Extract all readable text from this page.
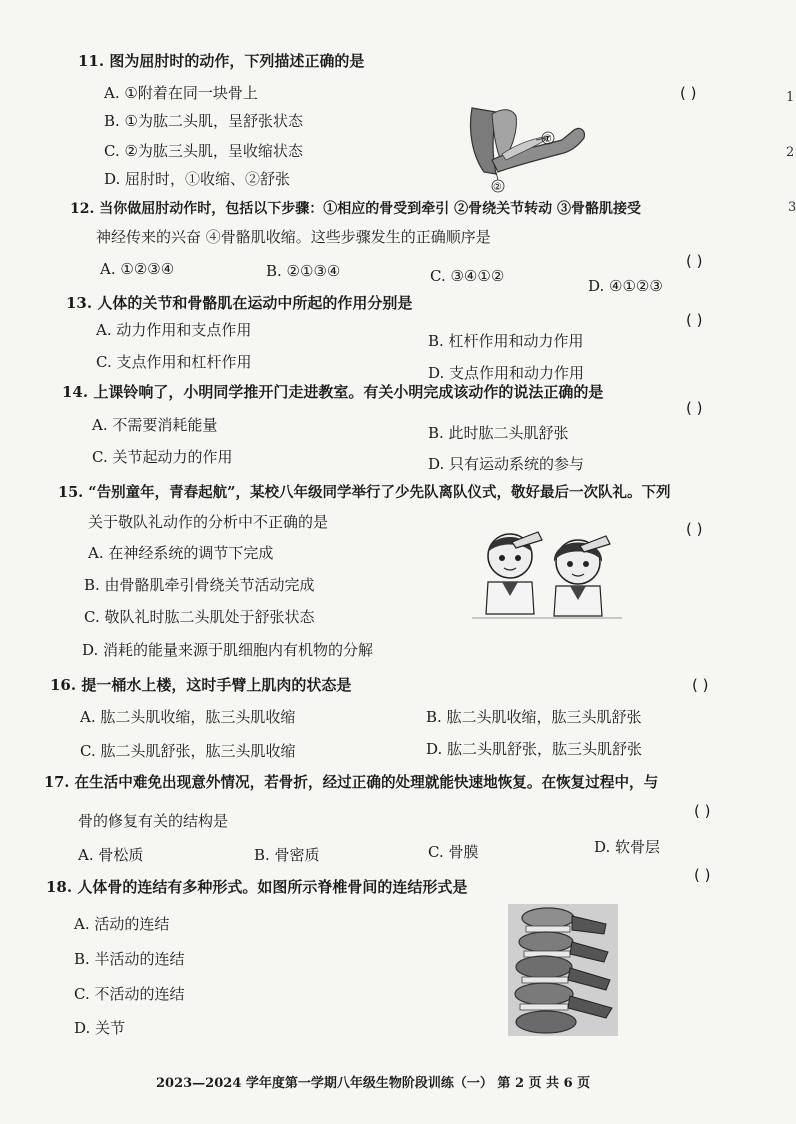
1
2
3
11. 图为屈肘时的动作，下列描述正确的是
( )
A. ①附着在同一块骨上
B. ①为肱二头肌，呈舒张状态
C. ②为肱三头肌，呈收缩状态
D. 屈肘时，①收缩、②舒张
①
②
12. 当你做屈肘动作时，包括以下步骤：①相应的骨受到牵引 ②骨绕关节转动 ③骨骼肌接受
神经传来的兴奋 ④骨骼肌收缩。这些步骤发生的正确顺序是
( )
A. ①②③④	B. ②①③④	C. ③④①②
D. ④①②③
13. 人体的关节和骨骼肌在运动中所起的作用分别是
( )
A. 动力作用和支点作用
B. 杠杆作用和动力作用
C. 支点作用和杠杆作用
D. 支点作用和动力作用
14. 上课铃响了，小明同学推开门走进教室。有关小明完成该动作的说法正确的是
( )
A. 不需要消耗能量	B. 此时肱二头肌舒张
C. 关节起动力的作用	D. 只有运动系统的参与
15. “告别童年，青春起航”，某校八年级同学举行了少先队离队仪式，敬好最后一次队礼。下列
关于敬队礼动作的分析中不正确的是	( )
A. 在神经系统的调节下完成
B. 由骨骼肌牵引骨绕关节活动完成
C. 敬队礼时肱二头肌处于舒张状态
D. 消耗的能量来源于肌细胞内有机物的分解
16. 提一桶水上楼，这时手臂上肌肉的状态是	( )
A. 肱二头肌收缩，肱三头肌收缩	B. 肱二头肌收缩，肱三头肌舒张
C. 肱二头肌舒张，肱三头肌收缩	D. 肱二头肌舒张，肱三头肌舒张
17. 在生活中难免出现意外情况，若骨折，经过正确的处理就能快速地恢复。在恢复过程中，与
( )
骨的修复有关的结构是
A. 骨松质	B. 骨密质	C. 骨膜	D. 软骨层
18. 人体骨的连结有多种形式。如图所示脊椎骨间的连结形式是
( )
A. 活动的连结
B. 半活动的连结
C. 不活动的连结
D. 关节
2023—2024 学年度第一学期八年级生物阶段训练（一） 第 2 页 共 6 页
